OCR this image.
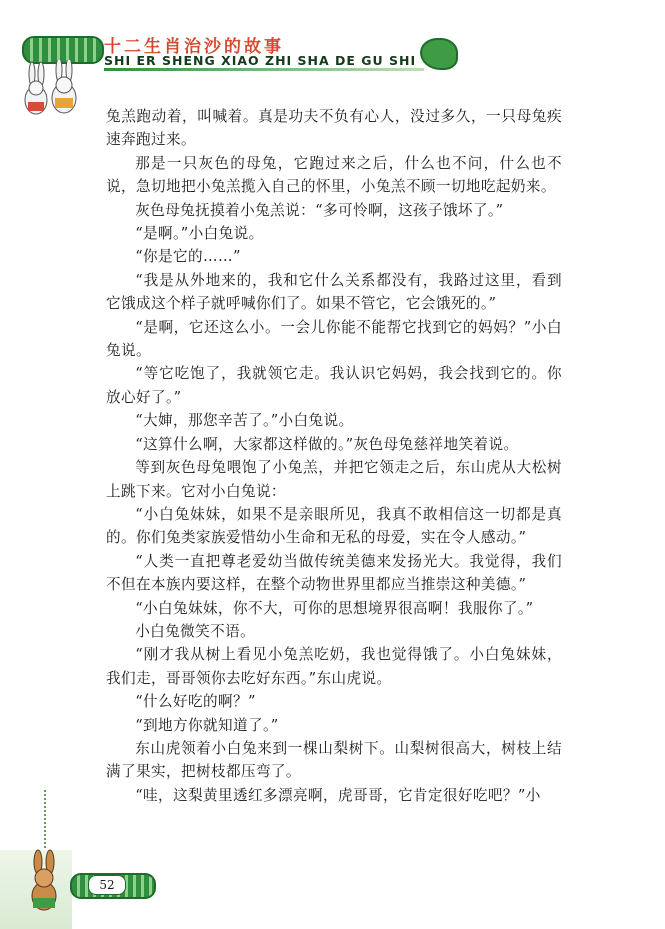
十二生肖治沙的故事
SHI ER SHENG XIAO ZHI SHA DE GU SHI

兔羔跑动着，叫喊着。真是功夫不负有心人，没过多久，一只母兔疾速奔跑过来。

那是一只灰色的母兔，它跑过来之后，什么也不问，什么也不说，急切地把小兔羔揽入自己的怀里，小兔羔不顾一切地吃起奶来。

灰色母兔抚摸着小兔羔说：“多可怜啊，这孩子饿坏了。”

“是啊。”小白兔说。

“你是它的……”

“我是从外地来的，我和它什么关系都没有，我路过这里，看到它饿成这个样子就呼喊你们了。如果不管它，它会饿死的。”

“是啊，它还这么小。一会儿你能不能帮它找到它的妈妈？”小白兔说。

“等它吃饱了，我就领它走。我认识它妈妈，我会找到它的。你放心好了。”

“大婶，那您辛苦了。”小白兔说。

“这算什么啊，大家都这样做的。”灰色母兔慈祥地笑着说。

等到灰色母兔喂饱了小兔羔，并把它领走之后，东山虎从大松树上跳下来。它对小白兔说：

“小白兔妹妹，如果不是亲眼所见，我真不敢相信这一切都是真的。你们兔类家族爱惜幼小生命和无私的母爱，实在令人感动。”

“人类一直把尊老爱幼当做传统美德来发扬光大。我觉得，我们不但在本族内要这样，在整个动物世界里都应当推崇这种美德。”

“小白兔妹妹，你不大，可你的思想境界很高啊！我服你了。”

小白兔微笑不语。

“刚才我从树上看见小兔羔吃奶，我也觉得饿了。小白兔妹妹，我们走，哥哥领你去吃好东西。”东山虎说。

“什么好吃的啊？”

“到地方你就知道了。”

东山虎领着小白兔来到一棵山梨树下。山梨树很高大，树枝上结满了果实，把树枝都压弯了。

“哇，这梨黄里透红多漂亮啊，虎哥哥，它肯定很好吃吧？”小

52
